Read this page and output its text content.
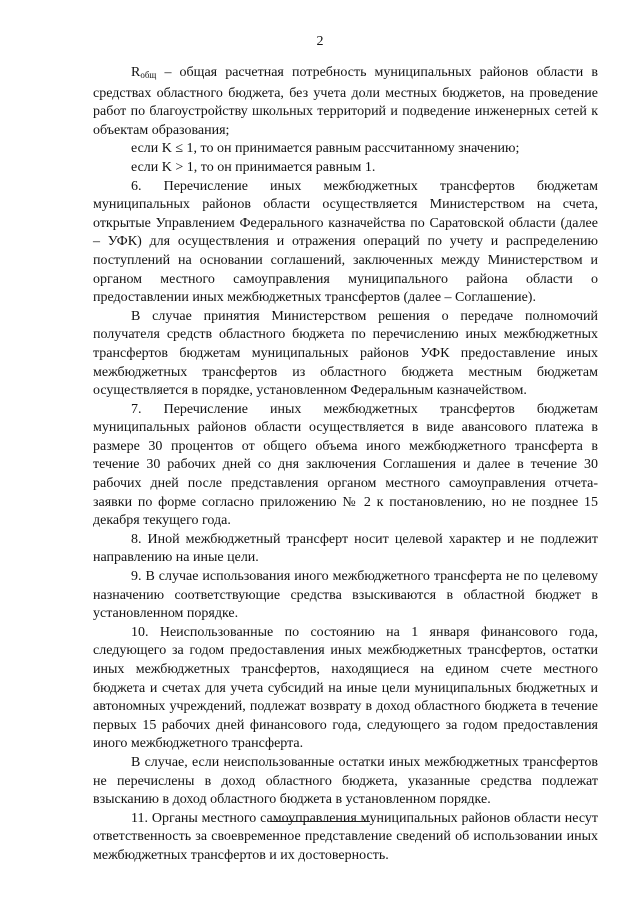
2

$R_{общ}$ – общая расчетная потребность муниципальных районов области в средствах областного бюджета, без учета доли местных бюджетов, на проведение работ по благоустройству школьных территорий и подведение инженерных сетей к объектам образования;

если K ≤ 1, то он принимается равным рассчитанному значению;

если K > 1, то он принимается равным 1.

6. Перечисление иных межбюджетных трансфертов бюджетам муниципальных районов области осуществляется Министерством на счета, открытые Управлением Федерального казначейства по Саратовской области (далее – УФК) для осуществления и отражения операций по учету и распределению поступлений на основании соглашений, заключенных между Министерством и органом местного самоуправления муниципального района области о предоставлении иных межбюджетных трансфертов (далее – Соглашение).

В случае принятия Министерством решения о передаче полномочий получателя средств областного бюджета по перечислению иных межбюджетных трансфертов бюджетам муниципальных районов УФК предоставление иных межбюджетных трансфертов из областного бюджета местным бюджетам осуществляется в порядке, установленном Федеральным казначейством.

7. Перечисление иных межбюджетных трансфертов бюджетам муниципальных районов области осуществляется в виде авансового платежа в размере 30 процентов от общего объема иного межбюджетного трансферта в течение 30 рабочих дней со дня заключения Соглашения и далее в течение 30 рабочих дней после представления органом местного самоуправления отчета-заявки по форме согласно приложению № 2 к постановлению, но не позднее 15 декабря текущего года.

8. Иной межбюджетный трансферт носит целевой характер и не подлежит направлению на иные цели.

9. В случае использования иного межбюджетного трансферта не по целевому назначению соответствующие средства взыскиваются в областной бюджет в установленном порядке.

10. Неиспользованные по состоянию на 1 января финансового года, следующего за годом предоставления иных межбюджетных трансфертов, остатки иных межбюджетных трансфертов, находящиеся на едином счете местного бюджета и счетах для учета субсидий на иные цели муниципальных бюджетных и автономных учреждений, подлежат возврату в доход областного бюджета в течение первых 15 рабочих дней финансового года, следующего за годом предоставления иного межбюджетного трансферта.

В случае, если неиспользованные остатки иных межбюджетных трансфертов не перечислены в доход областного бюджета, указанные средства подлежат взысканию в доход областного бюджета в установленном порядке.

11. Органы местного самоуправления муниципальных районов области несут ответственность за своевременное представление сведений об использовании иных межбюджетных трансфертов и их достоверность.
